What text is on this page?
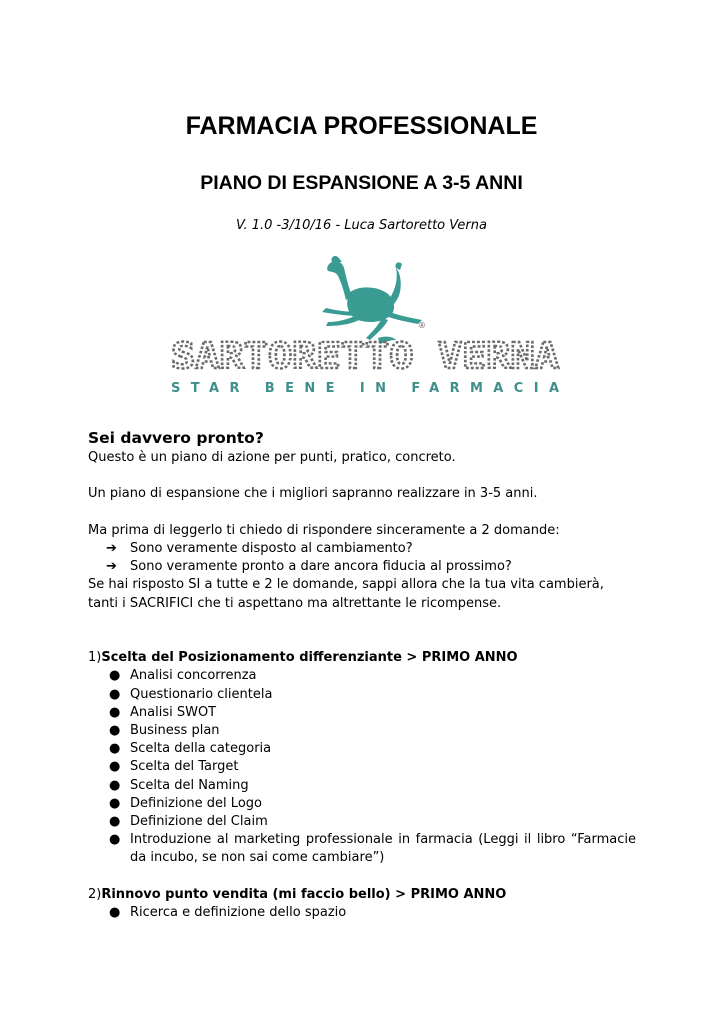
FARMACIA PROFESSIONALE
PIANO DI ESPANSIONE A 3-5 ANNI
V. 1.0 -3/10/16 - Luca Sartoretto Verna
®
SARTORETTO VERNA
STAR BENE IN FARMACIA
Sei davvero pronto?

Questo è un piano di azione per punti, pratico, concreto.

Un piano di espansione che i migliori sapranno realizzare in 3-5 anni.

Ma prima di leggerlo ti chiedo di rispondere sinceramente a 2 domande:

➔ Sono veramente disposto al cambiamento?
➔ Sono veramente pronto a dare ancora fiducia al prossimo?

Se hai risposto SI a tutte e 2 le domande, sappi allora che la tua vita cambierà, tanti i SACRIFICI che ti aspettano ma altrettante le ricompense.

1)Scelta del Posizionamento differenziante > PRIMO ANNO

● Analisi concorrenza
● Questionario clientela
● Analisi SWOT
● Business plan
● Scelta della categoria
● Scelta del Target
● Scelta del Naming
● Definizione del Logo
● Definizione del Claim
● Introduzione al marketing professionale in farmacia (Leggi il libro “Farmacie da incubo, se non sai come cambiare”)

2)Rinnovo punto vendita (mi faccio bello) > PRIMO ANNO

● Ricerca e definizione dello spazio
